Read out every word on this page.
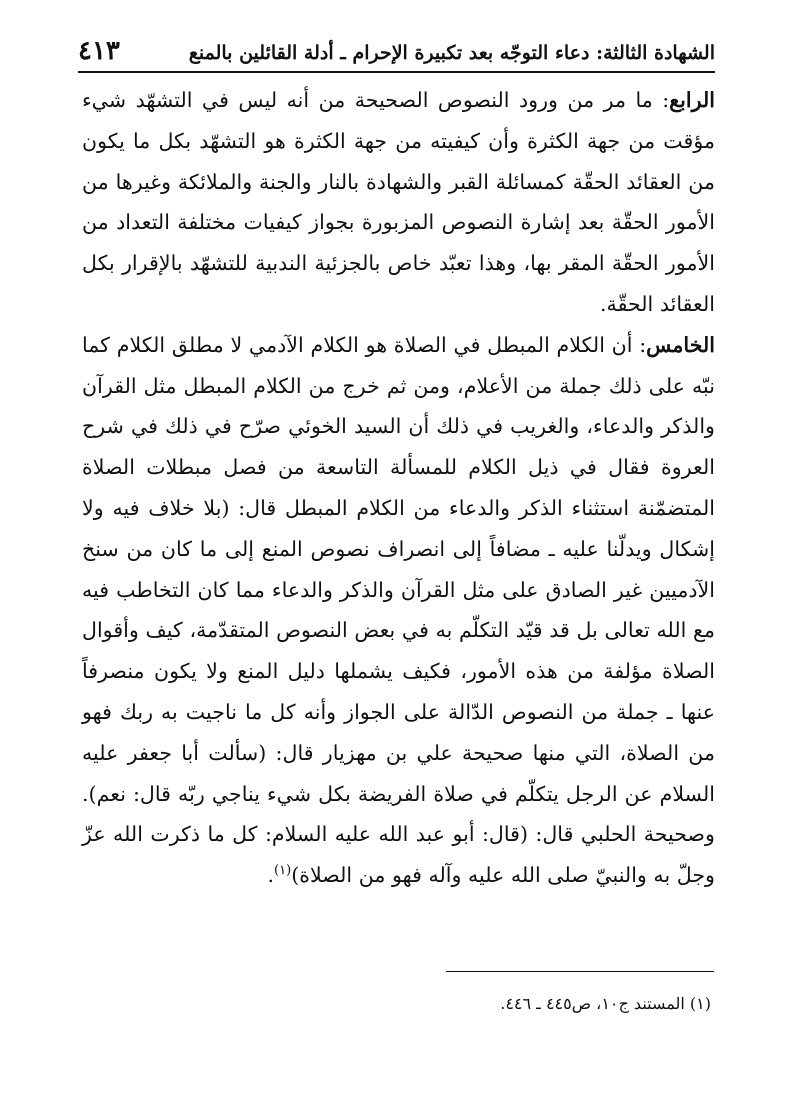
الشهادة الثالثة: دعاء التوجّه بعد تكبيرة الإحرام ـ أدلة القائلين بالمنع
٤١٣

الرابع: ما مر من ورود النصوص الصحيحة من أنه ليس في التشهّد شيء مؤقت من جهة الكثرة وأن كيفيته من جهة الكثرة هو التشهّد بكل ما يكون من العقائد الحقّة كمسائلة القبر والشهادة بالنار والجنة والملائكة وغيرها من الأمور الحقّة بعد إشارة النصوص المزبورة بجواز كيفيات مختلفة التعداد من الأمور الحقّة المقر بها، وهذا تعبّد خاص بالجزئية الندبية للتشهّد بالإقرار بكل العقائد الحقّة.

الخامس: أن الكلام المبطل في الصلاة هو الكلام الآدمي لا مطلق الكلام كما نبّه على ذلك جملة من الأعلام، ومن ثم خرج من الكلام المبطل مثل القرآن والذكر والدعاء، والغريب في ذلك أن السيد الخوئي صرّح في ذلك في شرح العروة فقال في ذيل الكلام للمسألة التاسعة من فصل مبطلات الصلاة المتضمّنة استثناء الذكر والدعاء من الكلام المبطل قال: (بلا خلاف فيه ولا إشكال ويدلّنا عليه ـ مضافاً إلى انصراف نصوص المنع إلى ما كان من سنخ الآدميين غير الصادق على مثل القرآن والذكر والدعاء مما كان التخاطب فيه مع الله تعالى بل قد قيّد التكلّم به في بعض النصوص المتقدّمة، كيف وأقوال الصلاة مؤلفة من هذه الأمور، فكيف يشملها دليل المنع ولا يكون منصرفاً عنها ـ جملة من النصوص الدّالة على الجواز وأنه كل ما ناجيت به ربك فهو من الصلاة، التي منها صحيحة علي بن مهزيار قال: (سألت أبا جعفر عليه السلام عن الرجل يتكلّم في صلاة الفريضة بكل شيء يناجي ربّه قال: نعم). وصحيحة الحلبي قال: (قال: أبو عبد الله عليه السلام: كل ما ذكرت الله عزّ وجلّ به والنبيّ صلى الله عليه وآله فهو من الصلاة)$^{(١)}$.

(١) المستند ج١٠، ص٤٤٥ ـ ٤٤٦.
